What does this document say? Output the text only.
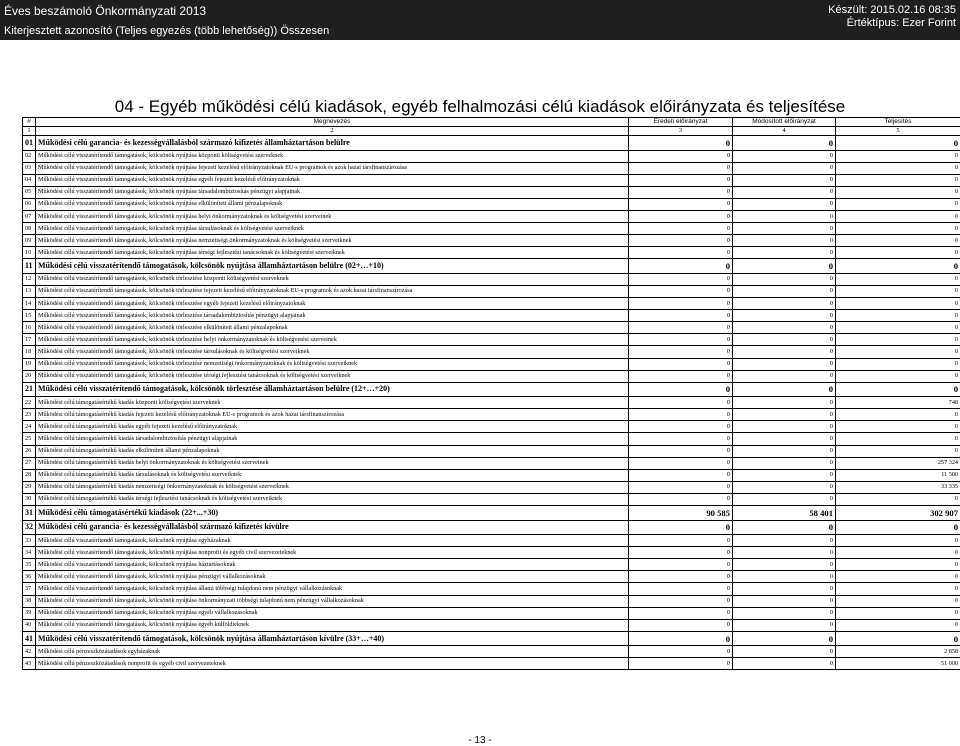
Éves beszámoló Önkormányzati 2013
Kiterjesztett azonosító (Teljes egyezés (több lehetőség)) Összesen
Készült: 2015.02.16 08:35
Értéktípus: Ezer Forint
04 - Egyéb működési célú kiadások, egyéb felhalmozási célú kiadások előirányzata és teljesítése
#	Megnevezés	Eredeti előirányzat	Módosított előirányzat	Teljesítés
1	2	3	4	5
01	Működési célú garancia- és kezességvállalásból származó kifizetés államháztartáson belülre	0	0	0
02	Működési célú visszatérítendő támogatások, kölcsönök nyújtása központi költségvetési szerveknek	0	0	0
03	Működési célú visszatérítendő támogatások, kölcsönök nyújtása fejezeti kezelésű előirányzatoknak EU-s programok és azok hazai társfinanszírozása	0	0	0
04	Működési célú visszatérítendő támogatások, kölcsönök nyújtása egyéb fejezeti kezelésű előirányzatoknak	0	0	0
05	Működési célú visszatérítendő támogatások, kölcsönök nyújtása társadalombiztosítás pénzügyi alapjainak	0	0	0
06	Működési célú visszatérítendő támogatások, kölcsönök nyújtása elkülönített állami pénzalapoknak	0	0	0
07	Működési célú visszatérítendő támogatások, kölcsönök nyújtása helyi önkormányzatoknak és költségvetési szerveinek	0	0	0
08	Működési célú visszatérítendő támogatások, kölcsönök nyújtása társulásoknak és költségvetési szerveiknek	0	0	0
09	Működési célú visszatérítendő támogatások, kölcsönök nyújtása nemzetiségi önkormányzatoknak és költségvetési szerveiknek	0	0	0
10	Működési célú visszatérítendő támogatások, kölcsönök nyújtása térségi fejlesztési tanácsoknak és költségvetési szerveiknek	0	0	0
11	Működési célú visszatérítendő támogatások, kölcsönök nyújtása államháztartáson belülre (02+…+10)	0	0	0
12	Működési célú visszatérítendő támogatások, kölcsönök törlesztése központi költségvetési szerveknek	0	0	0
13	Működési célú visszatérítendő támogatások, kölcsönök törlesztése fejezeti kezelésű előirányzatoknak EU-s programok és azok hazai társfinanszírozása	0	0	0
14	Működési célú visszatérítendő támogatások, kölcsönök törlesztése egyéb fejezeti kezelésű előirányzatoknak	0	0	0
15	Működési célú visszatérítendő támogatások, kölcsönök törlesztése társadalombiztosítás pénzügyi alapjainak	0	0	0
16	Működési célú visszatérítendő támogatások, kölcsönök törlesztése elkülönített állami pénzalapoknak	0	0	0
17	Működési célú visszatérítendő támogatások, kölcsönök törlesztése helyi önkormányzatoknak és költségvetési szerveinek	0	0	0
18	Működési célú visszatérítendő támogatások, kölcsönök törlesztése társulásoknak és költségvetési szerveiknek	0	0	0
19	Működési célú visszatérítendő támogatások, kölcsönök törlesztése nemzetiségi önkormányzatoknak és költségvetési szerveiknek	0	0	0
20	Működési célú visszatérítendő támogatások, kölcsönök törlesztése térségi fejlesztési tanácsoknak és költségvetési szerveiknek	0	0	0
21	Működési célú visszatérítendő támogatások, kölcsönök törlesztése államháztartáson belülre (12+…+20)	0	0	0
22	Működési célú támogatásértékű kiadás központi költségvetési szerveknek	0	0	748
23	Működési célú támogatásértékű kiadás fejezeti kezelésű előirányzatoknak EU-s programok és azok hazai társfinanszírozása	0	0	0
24	Működési célú támogatásértékű kiadás egyéb fejezeti kezelésű előirányzatoknak	0	0	0
25	Működési célú támogatásértékű kiadás társadalombiztosítás pénzügyi alapjainak	0	0	0
26	Működési célú támogatásértékű kiadás elkülönített állami pénzalapoknak	0	0	0
27	Működési célú támogatásértékű kiadás helyi önkormányzatoknak és költségvetési szerveinek	0	0	257 324
28	Működési célú támogatásértékű kiadás társulásoknak és költségvetési szerveiknek	0	0	11 500
29	Működési célú támogatásértékű kiadás nemzetiségi önkormányzatoknak és költségvetési szerveiknek	0	0	33 335
30	Működési célú támogatásértékű kiadás térségi fejlesztési tanácsoknak és költségvetési szerveiknek	0	0	0
31	Működési célú támogatásértékű kiadások (22+...+30)	90 585	58 401	302 907
32	Működési célú garancia- és kezességvállalásból származó kifizetés kívülre	0	0	0
33	Működési célú visszatérítendő támogatások, kölcsönök nyújtása egyházaknak	0	0	0
34	Működési célú visszatérítendő támogatások, kölcsönök nyújtása nonprofit és egyéb civil szervezeteknek	0	0	0
35	Működési célú visszatérítendő támogatások, kölcsönök nyújtása háztartásoknak	0	0	0
36	Működési célú visszatérítendő támogatások, kölcsönök nyújtása pénzügyi vállalkozásoknak	0	0	0
37	Működési célú visszatérítendő támogatások, kölcsönök nyújtása állami többségi tulajdonú nem pénzügyi vállalkozásoknak	0	0	0
38	Működési célú visszatérítendő támogatások, kölcsönök nyújtása önkormányzati többségi tulajdonú nem pénzügyi vállalkozásoknak	0	0	0
39	Működési célú visszatérítendő támogatások, kölcsönök nyújtása egyéb vállalkozásoknak	0	0	0
40	Működési célú visszatérítendő támogatások, kölcsönök nyújtása egyéb külföldieknek	0	0	0
41	Működési célú visszatérítendő támogatások, kölcsönök nyújtása államháztartáson kívülre (33+…+40)	0	0	0
42	Működési célú pénzeszközátadások egyházaknak	0	0	2 858
43	Működési célú pénzeszközátadások nonprofit és egyéb civil szervezeteknek	0	0	51 000
- 13 -
